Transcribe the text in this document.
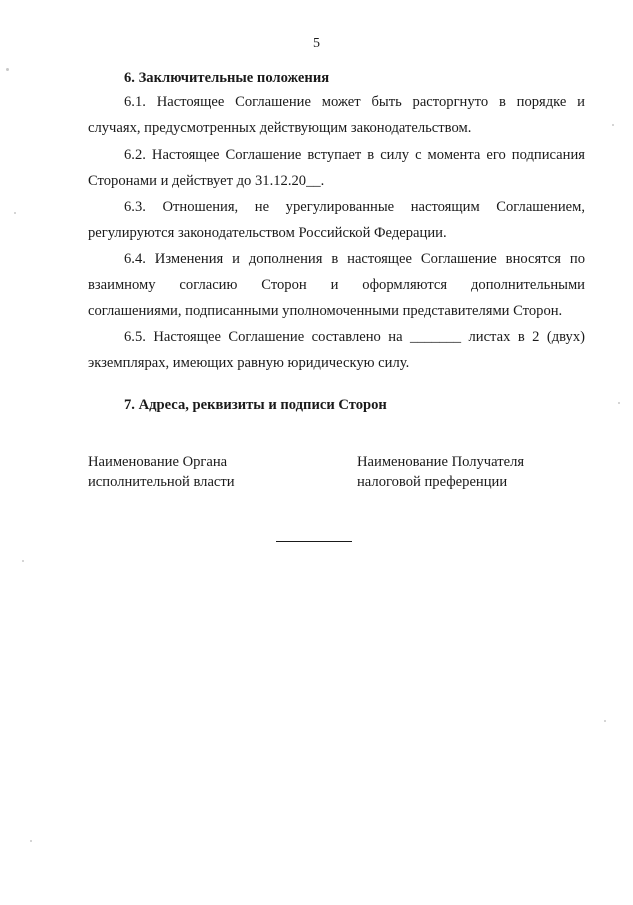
5
6. Заключительные положения

6.1. Настоящее Соглашение может быть расторгнуто в порядке и
случаях, предусмотренных действующим законодательством.

6.2. Настоящее Соглашение вступает в силу с момента его подписания
Сторонами и действует до 31.12.20__.

6.3. Отношения, не урегулированные настоящим Соглашением,
регулируются законодательством Российской Федерации.

6.4. Изменения и дополнения в настоящее Соглашение вносятся по
взаимному согласию Сторон и оформляются дополнительными
соглашениями, подписанными уполномоченными представителями Сторон.

6.5. Настоящее Соглашение составлено на _______ листах в 2 (двух)
экземплярах, имеющих равную юридическую силу.

7. Адреса, реквизиты и подписи Сторон
Наименование Органа
исполнительной власти
Наименование Получателя
налоговой преференции
